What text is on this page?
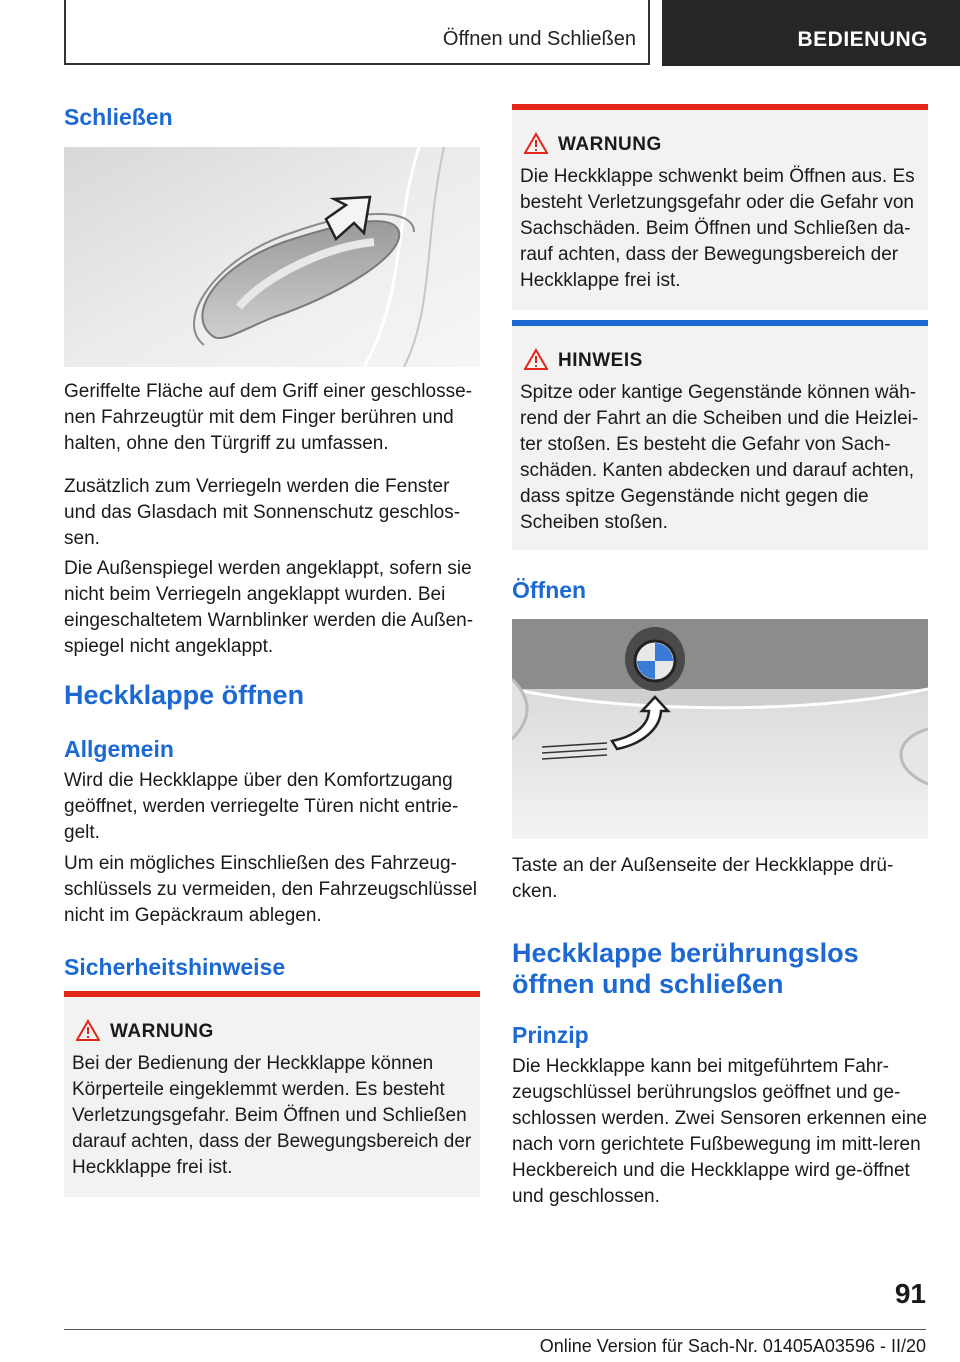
Öffnen und Schließen	BEDIENUNG
Schließen
Geriffelte Fläche auf dem Griff einer geschlosse-nen Fahrzeugtür mit dem Finger berühren und halten, ohne den Türgriff zu umfassen.
Zusätzlich zum Verriegeln werden die Fenster und das Glasdach mit Sonnenschutz geschlos-sen.
Die Außenspiegel werden angeklappt, sofern sie nicht beim Verriegeln angeklappt wurden. Bei eingeschaltetem Warnblinker werden die Außen-spiegel nicht angeklappt.
Heckklappe öffnen
Allgemein
Wird die Heckklappe über den Komfortzugang geöffnet, werden verriegelte Türen nicht entrie-gelt.
Um ein mögliches Einschließen des Fahrzeug-schlüssels zu vermeiden, den Fahrzeugschlüssel nicht im Gepäckraum ablegen.
Sicherheitshinweise
WARNUNG
Bei der Bedienung der Heckklappe können Körperteile eingeklemmt werden. Es besteht Verletzungsgefahr. Beim Öffnen und Schließen darauf achten, dass der Bewegungsbereich der Heckklappe frei ist.
WARNUNG
Die Heckklappe schwenkt beim Öffnen aus. Es besteht Verletzungsgefahr oder die Gefahr von Sachschäden. Beim Öffnen und Schließen da-rauf achten, dass der Bewegungsbereich der Heckklappe frei ist.
HINWEIS
Spitze oder kantige Gegenstände können wäh-rend der Fahrt an die Scheiben und die Heizlei-ter stoßen. Es besteht die Gefahr von Sach-schäden. Kanten abdecken und darauf achten, dass spitze Gegenstände nicht gegen die Scheiben stoßen.
Öffnen
Taste an der Außenseite der Heckklappe drü-cken.
Heckklappe berührungslos
öffnen und schließen
Prinzip
Die Heckklappe kann bei mitgeführtem Fahr-zeugschlüssel berührungslos geöffnet und ge-schlossen werden. Zwei Sensoren erkennen eine nach vorn gerichtete Fußbewegung im mitt-leren Heckbereich und die Heckklappe wird ge-öffnet und geschlossen.
91
Online Version für Sach-Nr. 01405A03596 - II/20
